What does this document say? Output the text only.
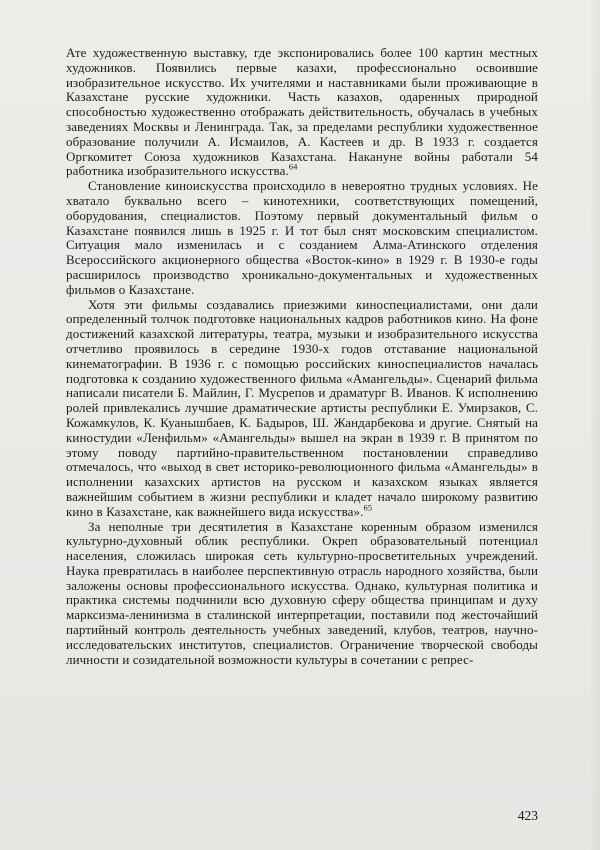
Ате художественную выставку, где экспонировались более 100 картин местных художников. Появились первые казахи, профессионально освоившие изобразительное искусство. Их учителями и наставниками были проживающие в Казахстане русские художники. Часть казахов, одаренных природной способностью художественно отображать действительность, обучалась в учебных заведениях Москвы и Ленинграда. Так, за пределами республики художественное образование получили А. Исмаилов, А. Кастеев и др. В 1933 г. создается Оргкомитет Союза художников Казахстана. Накануне войны работали 54 работника изобразительного искусства.$^{64}$

Становление киноискусства происходило в невероятно трудных условиях. Не хватало буквально всего – кинотехники, соответствующих помещений, оборудования, специалистов. Поэтому первый документальный фильм о Казахстане появился лишь в 1925 г. И тот был снят московским специалистом. Ситуация мало изменилась и с созданием Алма-Атинского отделения Всероссийского акционерного общества «Восток-кино» в 1929 г. В 1930-е годы расширилось производство хроникально-документальных и художественных фильмов о Казахстане.

Хотя эти фильмы создавались приезжими киноспециалистами, они дали определенный толчок подготовке национальных кадров работников кино. На фоне достижений казахской литературы, театра, музыки и изобразительного искусства отчетливо проявилось в середине 1930-х годов отставание национальной кинематографии. В 1936 г. с помощью российских киноспециалистов началась подготовка к созданию художественного фильма «Амангельды». Сценарий фильма написали писатели Б. Майлин, Г. Мусрепов и драматург В. Иванов. К исполнению ролей привлекались лучшие драматические артисты республики Е. Умирзаков, С. Кожамкулов, К. Куанышбаев, К. Бадыров, Ш. Жандарбекова и другие. Снятый на киностудии «Ленфильм» «Амангельды» вышел на экран в 1939 г. В принятом по этому поводу партийно-правительственном постановлении справедливо отмечалось, что «выход в свет историко-революционного фильма «Амангельды» в исполнении казахских артистов на русском и казахском языках является важнейшим событием в жизни республики и кладет начало широкому развитию кино в Казахстане, как важнейшего вида искусства».$^{65}$

За неполные три десятилетия в Казахстане коренным образом изменился культурно-духовный облик республики. Окреп образовательный потенциал населения, сложилась широкая сеть культурно-просветительных учреждений. Наука превратилась в наиболее перспективную отрасль народного хозяйства, были заложены основы профессионального искусства. Однако, культурная политика и практика системы подчинили всю духовную сферу общества принципам и духу марксизма-ленинизма в сталинской интерпретации, поставили под жесточайший партийный контроль деятельность учебных заведений, клубов, театров, научно-исследовательских институтов, специалистов. Ограничение творческой свободы личности и созидательной возможности культуры в сочетании с репрес-

423
